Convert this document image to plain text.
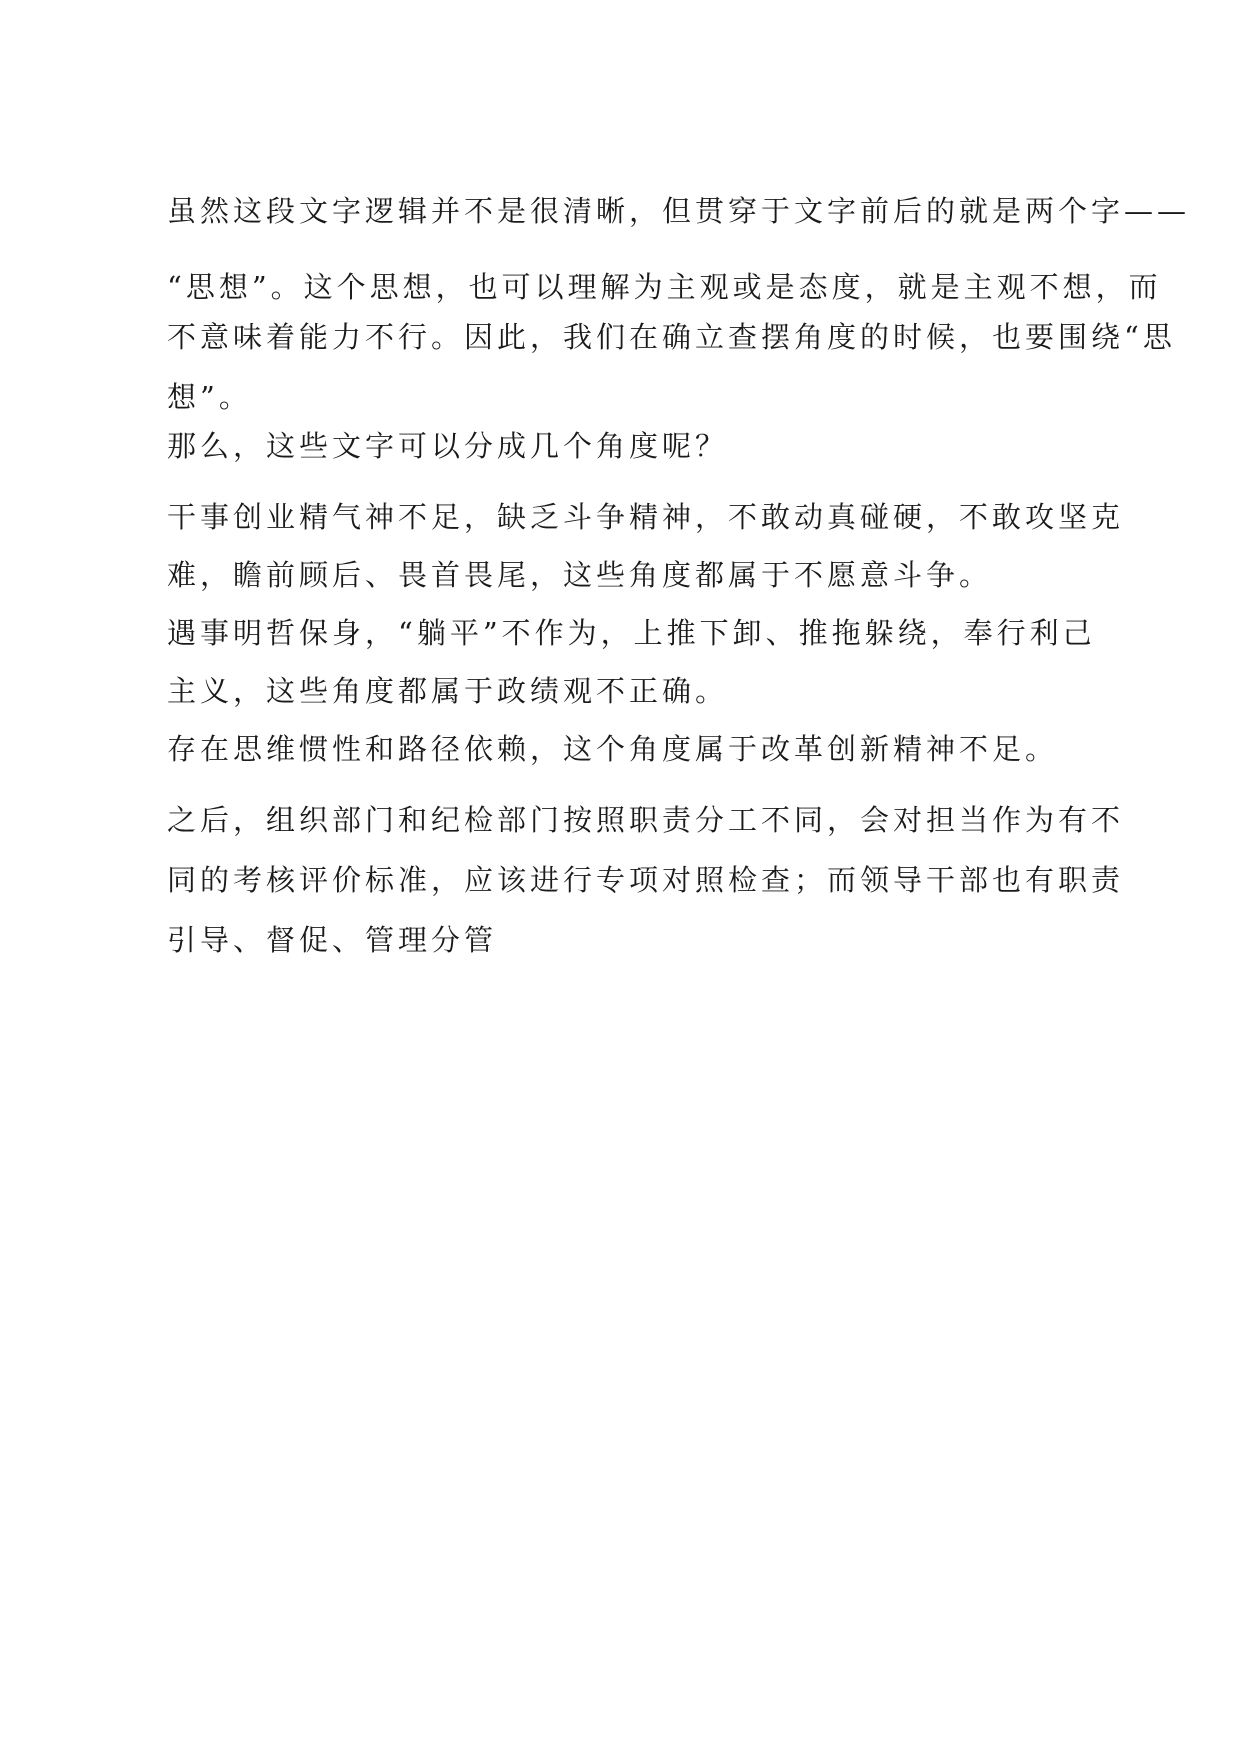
虽然这段文字逻辑并不是很清晰，但贯穿于文字前后的就是两个字——

“思想”。这个思想，也可以理解为主观或是态度，就是主观不想，而

不意味着能力不行。因此，我们在确立查摆角度的时候，也要围绕“思

想”。

那么，这些文字可以分成几个角度呢？

干事创业精气神不足，缺乏斗争精神，不敢动真碰硬，不敢攻坚克

难，瞻前顾后、畏首畏尾，这些角度都属于不愿意斗争。

遇事明哲保身，“躺平”不作为，上推下卸、推拖躲绕，奉行利己

主义，这些角度都属于政绩观不正确。

存在思维惯性和路径依赖，这个角度属于改革创新精神不足。

之后，组织部门和纪检部门按照职责分工不同，会对担当作为有不

同的考核评价标准，应该进行专项对照检查；而领导干部也有职责

引导、督促、管理分管
